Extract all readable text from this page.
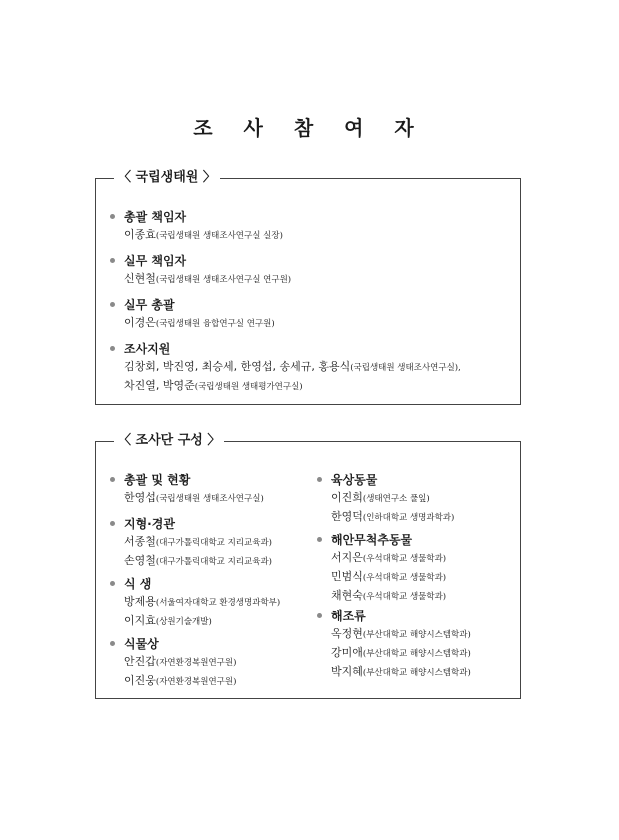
조 사 참 여 자
〈 국립생태원 〉
총괄 책임자
이종효(국립생태원 생태조사연구실 실장)
실무 책임자
신현철(국립생태원 생태조사연구실 연구원)
실무 총괄
이경은(국립생태원 융합연구실 연구원)
조사지원
김창회, 박진영, 최승세, 한영섭, 송세규, 홍용식(국립생태원 생태조사연구실),
차진열, 박영준(국립생태원 생태평가연구실)
〈 조사단 구성 〉
총괄 및 현황
한영섭(국립생태원 생태조사연구실)
지형·경관
서종철(대구가톨릭대학교 지리교육과)
손영철(대구가톨릭대학교 지리교육과)
식 생
방제용(서울여자대학교 환경생명과학부)
이지효(상원기술개발)
식물상
안진갑(자연환경복원연구원)
이진웅(자연환경복원연구원)
육상동물
이진희(생태연구소 풀잎)
한영덕(인하대학교 생명과학과)
해안무척추동물
서지은(우석대학교 생물학과)
민범식(우석대학교 생물학과)
채현숙(우석대학교 생물학과)
해조류
옥정현(부산대학교 해양시스템학과)
강미애(부산대학교 해양시스템학과)
박지혜(부산대학교 해양시스템학과)
